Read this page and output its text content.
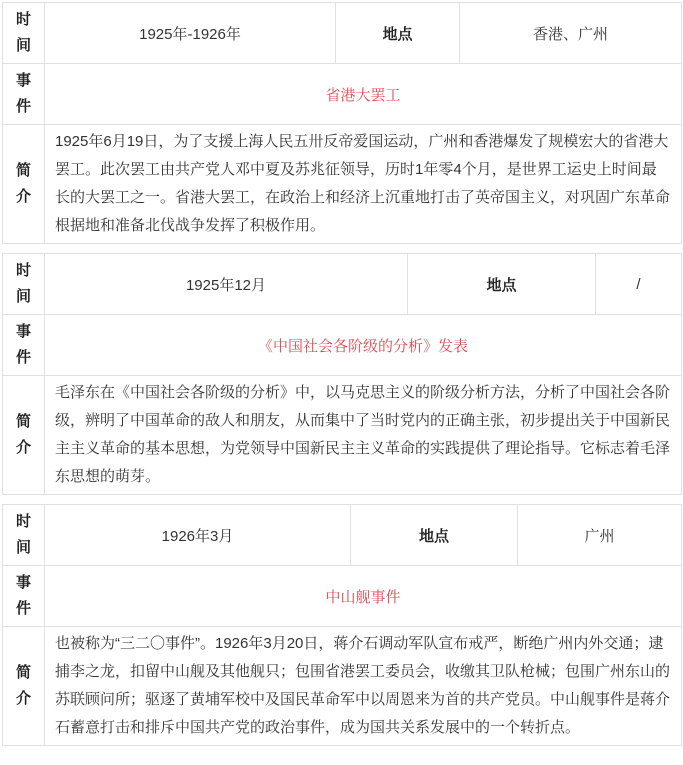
时间	1925年-1926年	地点	香港、广州
事件	省港大罢工		
简介	1925年6月19日，为了支援上海人民五卅反帝爱国运动，广州和香港爆发了规模宏大的省港大罢工。此次罢工由共产党人邓中夏及苏兆征领导，历时1年零4个月，是世界工运史上时间最长的大罢工之一。省港大罢工，在政治上和经济上沉重地打击了英帝国主义，对巩固广东革命根据地和准备北伐战争发挥了积极作用。		
时间	1925年12月	地点	/
事件	《中国社会各阶级的分析》发表		
简介	毛泽东在《中国社会各阶级的分析》中，以马克思主义的阶级分析方法，分析了中国社会各阶级，辨明了中国革命的敌人和朋友，从而集中了当时党内的正确主张，初步提出关于中国新民主主义革命的基本思想，为党领导中国新民主主义革命的实践提供了理论指导。它标志着毛泽东思想的萌芽。		
时间	1926年3月	地点	广州
事件	中山舰事件		
简介	也被称为“三二〇事件”。1926年3月20日，蒋介石调动军队宣布戒严，断绝广州内外交通；逮捕李之龙，扣留中山舰及其他舰只；包围省港罢工委员会，收缴其卫队枪械；包围广州东山的苏联顾问所；驱逐了黄埔军校中及国民革命军中以周恩来为首的共产党员。中山舰事件是蒋介石蓄意打击和排斥中国共产党的政治事件，成为国共关系发展中的一个转折点。		
